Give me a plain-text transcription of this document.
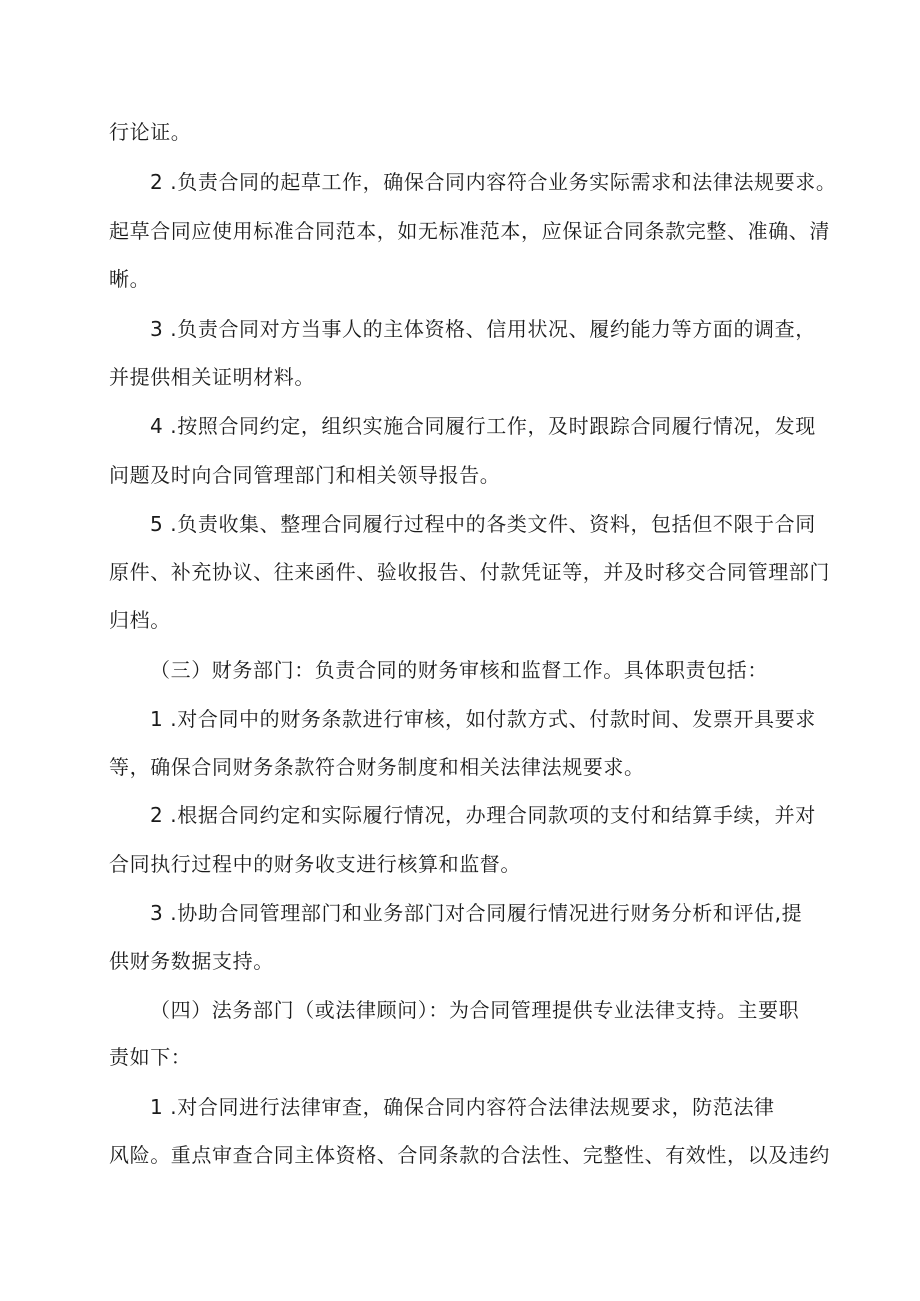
行论证。
2 .负责合同的起草工作，确保合同内容符合业务实际需求和法律法规要求。
起草合同应使用标准合同范本，如无标准范本，应保证合同条款完整、准确、清
晰。
3 .负责合同对方当事人的主体资格、信用状况、履约能力等方面的调查，
并提供相关证明材料。
4 .按照合同约定，组织实施合同履行工作，及时跟踪合同履行情况，发现
问题及时向合同管理部门和相关领导报告。
5 .负责收集、整理合同履行过程中的各类文件、资料，包括但不限于合同
原件、补充协议、往来函件、验收报告、付款凭证等，并及时移交合同管理部门
归档。
（三）财务部门：负责合同的财务审核和监督工作。具体职责包括：
1 .对合同中的财务条款进行审核，如付款方式、付款时间、发票开具要求
等，确保合同财务条款符合财务制度和相关法律法规要求。
2 .根据合同约定和实际履行情况，办理合同款项的支付和结算手续，并对
合同执行过程中的财务收支进行核算和监督。
3 .协助合同管理部门和业务部门对合同履行情况进行财务分析和评估,提
供财务数据支持。
（四）法务部门（或法律顾问）：为合同管理提供专业法律支持。主要职
责如下：
1 .对合同进行法律审查，确保合同内容符合法律法规要求，防范法律
风险。重点审查合同主体资格、合同条款的合法性、完整性、有效性，以及违约
